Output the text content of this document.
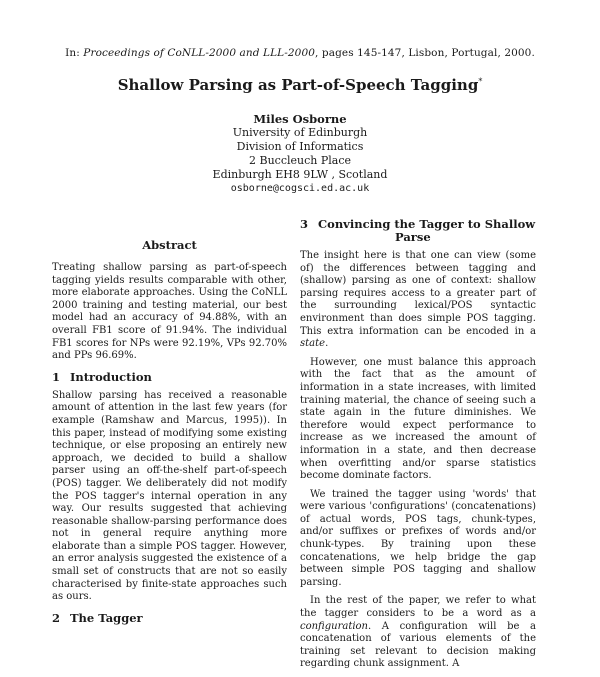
In: Proceedings of CoNLL-2000 and LLL-2000, pages 145-147, Lisbon, Portugal, 2000.
Shallow Parsing as Part-of-Speech Tagging*
Miles Osborne
University of Edinburgh
Division of Informatics
2 Buccleuch Place
Edinburgh EH8 9LW , Scotland
osborne@cogsci.ed.ac.uk
Abstract

Treating shallow parsing as part-of-speech tagging yields results comparable with other, more elaborate approaches. Using the CoNLL 2000 training and testing material, our best model had an accuracy of 94.88%, with an overall FB1 score of 91.94%. The individual FB1 scores for NPs were 92.19%, VPs 92.70% and PPs 96.69%.

1 Introduction

Shallow parsing has received a reasonable amount of attention in the last few years (for example (Ramshaw and Marcus, 1995)). In this paper, instead of modifying some existing technique, or else proposing an entirely new approach, we decided to build a shallow parser using an off-the-shelf part-of-speech (POS) tagger. We deliberately did not modify the POS tagger's internal operation in any way. Our results suggested that achieving reasonable shallow-parsing performance does not in general require anything more elaborate than a simple POS tagger. However, an error analysis suggested the existence of a small set of constructs that are not so easily characterised by finite-state approaches such as ours.

2 The Tagger
3 Convincing the Tagger to Shallow
Parse

The insight here is that one can view (some of) the differences between tagging and (shallow) parsing as one of context: shallow parsing requires access to a greater part of the surrounding lexical/POS syntactic environment than does simple POS tagging. This extra information can be encoded in a state.

However, one must balance this approach with the fact that as the amount of information in a state increases, with limited training material, the chance of seeing such a state again in the future diminishes. We therefore would expect performance to increase as we increased the amount of information in a state, and then decrease when overfitting and/or sparse statistics become dominate factors.

We trained the tagger using 'words' that were various 'configurations' (concatenations) of actual words, POS tags, chunk-types, and/or suffixes or prefixes of words and/or chunk-types. By training upon these concatenations, we help bridge the gap between simple POS tagging and shallow parsing.

In the rest of the paper, we refer to what the tagger considers to be a word as a configuration. A configuration will be a concatenation of various elements of the training set relevant to decision making regarding chunk assignment. A
